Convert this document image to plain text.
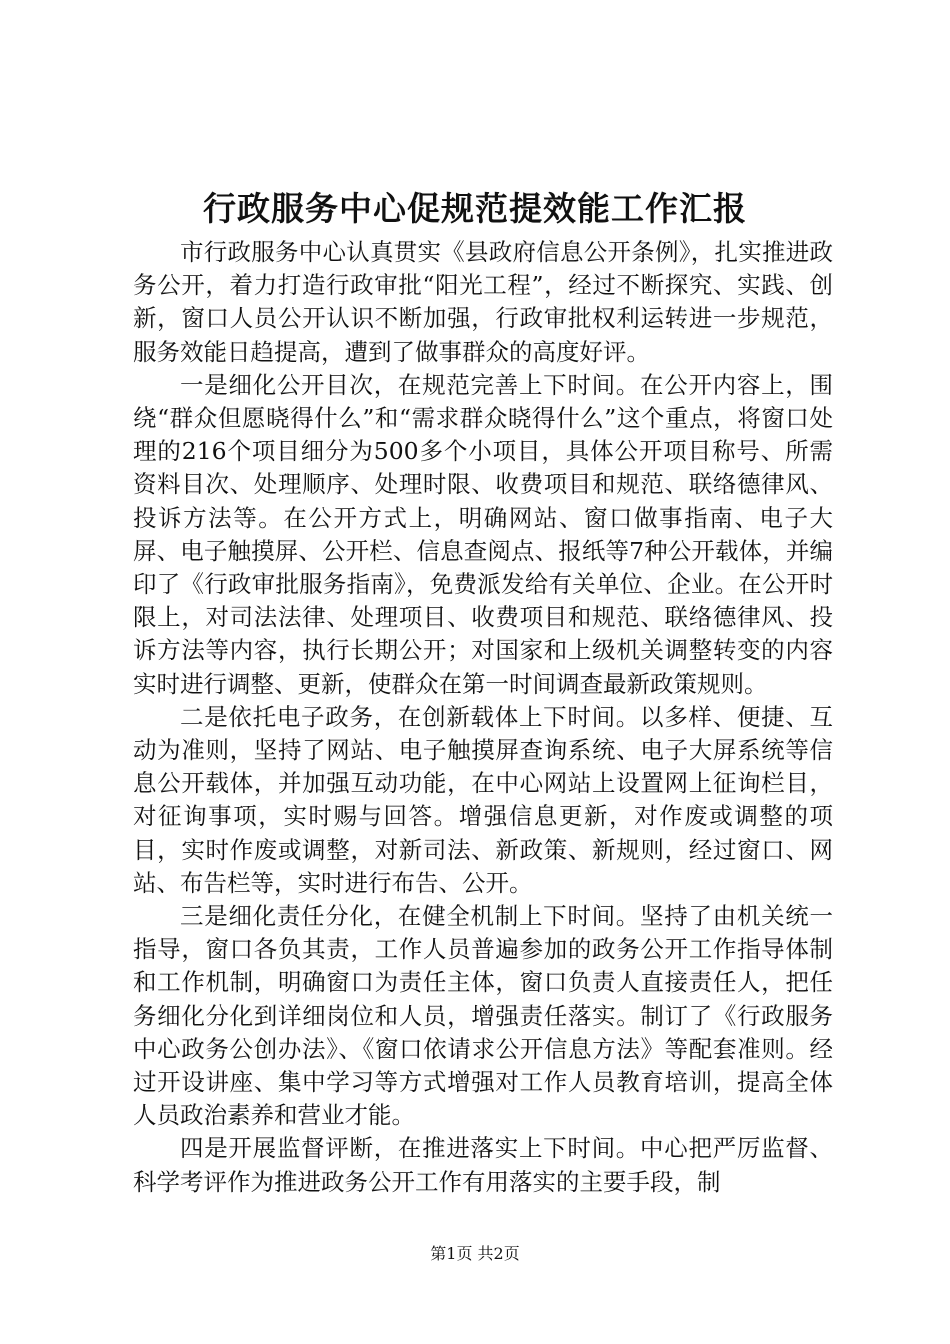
行政服务中心促规范提效能工作汇报

市行政服务中心认真贯实《县政府信息公开条例》，扎实推进政务公开，着力打造行政审批“阳光工程”，经过不断探究、实践、创新，窗口人员公开认识不断加强，行政审批权利运转进一步规范，服务效能日趋提高，遭到了做事群众的高度好评。

一是细化公开目次，在规范完善上下时间。在公开内容上，围绕“群众但愿晓得什么”和“需求群众晓得什么”这个重点，将窗口处理的216个项目细分为500多个小项目，具体公开项目称号、所需资料目次、处理顺序、处理时限、收费项目和规范、联络德律风、投诉方法等。在公开方式上，明确网站、窗口做事指南、电子大屏、电子触摸屏、公开栏、信息查阅点、报纸等7种公开载体，并编印了《行政审批服务指南》，免费派发给有关单位、企业。在公开时限上，对司法法律、处理项目、收费项目和规范、联络德律风、投诉方法等内容，执行长期公开；对国家和上级机关调整转变的内容实时进行调整、更新，使群众在第一时间调查最新政策规则。

二是依托电子政务，在创新载体上下时间。以多样、便捷、互动为准则，坚持了网站、电子触摸屏查询系统、电子大屏系统等信息公开载体，并加强互动功能，在中心网站上设置网上征询栏目，对征询事项，实时赐与回答。增强信息更新，对作废或调整的项目，实时作废或调整，对新司法、新政策、新规则，经过窗口、网站、布告栏等，实时进行布告、公开。

三是细化责任分化，在健全机制上下时间。坚持了由机关统一指导，窗口各负其责，工作人员普遍参加的政务公开工作指导体制和工作机制，明确窗口为责任主体，窗口负责人直接责任人，把任务细化分化到详细岗位和人员，增强责任落实。制订了《行政服务中心政务公创办法》、《窗口依请求公开信息方法》等配套准则。经过开设讲座、集中学习等方式增强对工作人员教育培训，提高全体人员政治素养和营业才能。

四是开展监督评断，在推进落实上下时间。中心把严厉监督、科学考评作为推进政务公开工作有用落实的主要手段，制

第1页 共2页
